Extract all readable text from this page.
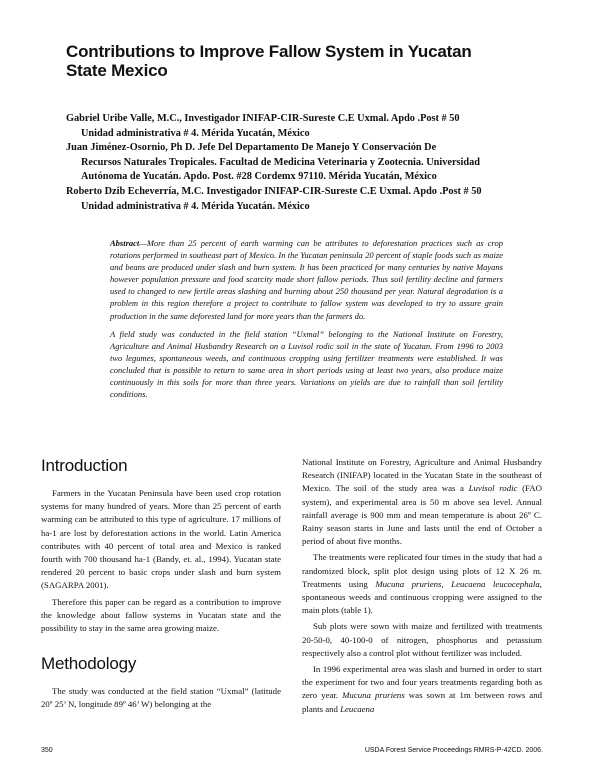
Contributions to Improve Fallow System in Yucatan State Mexico
Gabriel Uribe Valle, M.C., Investigador INIFAP-CIR-Sureste C.E Uxmal. Apdo .Post # 50
Unidad administrativa # 4. Mérida Yucatán, México
Juan Jiménez-Osornio, Ph D. Jefe Del Departamento De Manejo Y Conservación De
Recursos Naturales Tropicales. Facultad de Medicina Veterinaria y Zootecnia. Universidad
Autónoma de Yucatán. Apdo. Post. #28 Cordemx 97110. Mérida Yucatán, México
Roberto Dzib Echeverría, M.C. Investigador INIFAP-CIR-Sureste C.E Uxmal. Apdo .Post # 50
Unidad administrativa # 4. Mérida Yucatán. México

Abstract—More than 25 percent of earth warming can be attributes to deforestation practices such as crop rotations performed in southeast part of Mexico. In the Yucatan peninsula 20 percent of staple foods such as maize and beans are produced under slash and burn system. It has been practiced for many centuries by native Mayans however population pressure and food scarcity made short fallow periods. Thus soil fertility decline and farmers used to changed to new fertile areas slashing and burning about 250 thousand per year. Natural degradation is a problem in this region therefore a project to contribute to fallow system was developed to try to assure grain production in the same deforested land for more years than the farmers do.

A field study was conducted in the field station “Uxmal” belonging to the National Institute on Forestry, Agriculture and Animal Husbandry Research on a Luvisol rodic soil in the state of Yucatan. From 1996 to 2003 two legumes, spontaneous weeds, and continuous cropping using fertilizer treatments were established. It was concluded that is possible to return to same area in short periods using at least two years, also produce maize continuously in this soils for more than three years. Variations on yields are due to rainfall than soil fertility conditions.

Introduction

Farmers in the Yucatan Peninsula have been used crop rotation systems for many hundred of years. More than 25 percent of earth warming can be attributed to this type of agriculture. 17 millions of ha-1 are lost by deforestation actions in the world. Latin America contributes with 40 percent of total area and Mexico is ranked fourth with 700 thousand ha-1 (Bandy, et. al., 1994). Yucatan state rendered 20 percent to basic crops under slash and burn system (SAGARPA 2001).

Therefore this paper can be regard as a contribution to improve the knowledge about fallow systems in Yucatan state and the possibility to stay in the same area growing maize.

Methodology

The study was conducted at the field station “Uxmal” (latitude 20º 25’ N, longitude 89º 46’ W) belonging at the

National Institute on Forestry, Agriculture and Animal Husbandry Research (INIFAP) located in the Yucatan State in the southeast of Mexico. The soil of the study area was a Luvisol rodic (FAO system), and experimental area is 50 m above sea level. Annual rainfall average is 900 mm and mean temperature is about 26º C. Rainy season starts in June and lasts until the end of October a period of about five months.

The treatments were replicated four times in the study that had a randomized block, split plot design using plots of 12 X 26 m. Treatments using Mucuna pruriens, Leucaena leucocephala, spontaneous weeds and continuous cropping were assigned to the main plots (table 1).

Sub plots were sown with maize and fertilized with treatments 20-50-0, 40-100-0 of nitrogen, phosphorus and petassium respectively also a control plot without fertilizer was included.

In 1996 experimental area was slash and burned in order to start the experiment for two and four years treatments regarding both as zero year. Mucuna pruriens was sown at 1m between rows and plants and Leucaena

350	USDA Forest Service Proceedings RMRS-P-42CD. 2006.
